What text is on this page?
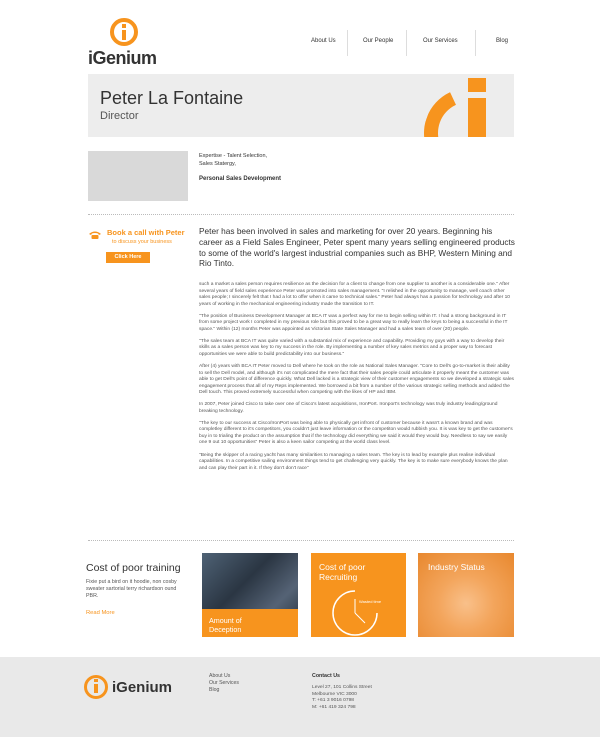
iGenium
About Us	Our People	Our Services	Blog
Peter La Fontaine
Director
Expertise - Talent Selection,
Sales Statergy,
Personal Sales Development
Book a call with Peter
to discuss your business
Click Here
Peter has been involved in sales and marketing for over 20 years. Beginning his career as a Field Sales Engineer, Peter spent many years selling engineered products to some of the world's largest industrial companies such as BHP, Western Mining and Rio Tinto.

such a market a sales person requires resilience as the decision for a client to change from one supplier to another is a considerable one." After several years of field sales experience Peter was promoted into sales management. "I relished in the opportunity to manage, well coach other sales people; I sincerely felt that I had a lot to offer when it came to technical sales." Peter had always has a passion for technology and after 10 years of working in the mechanical engineering industry made the transition to IT.

"The position of Business Development Manager at BCA IT was a perfect way for me to begin selling within IT. I had a strong background in IT from some project work I completed in my previous role but this proved to be a great way to really learn the keys to being a successful in the IT space." Within (12) months Peter was appointed as Victorian State Sales Manager and had a sales team of over (20) people.

"The sales team at BCA IT was quite varied with a substantial mix of experience and capability. Providing my guys with a way to develop their skills as a sales person was key to my success in the role. By implementing a number of key sales metrics and a proper way to forecast opportunities we were able to build predictability into our business."

After (4) years with BCA IT Peter moved to Dell where he took on the role as National Sales Manager. "Core to Dell's go-to-market is their ability to sell the Dell model, and although it's not complicated the mere fact that their sales people could articulate it properly meant the customer was able to get Dell's point of difference quickly. What Dell lacked is a strategic view of their customer engagements so we developed a strategic sales engagement process that all of my Reps implemented. We borrowed a bit from a number of the various strategic selling methods and added the Dell touch. This proved extremely successful when competing with the likes of HP and IBM.

In 2007, Peter joined Cisco to take over one of Cisco's latest acquisitions, IronPort. Ironport's technology was truly industry leading/ground breaking technology.

"The key to our success at Cisco/IronPort was being able to physically get infront of customer because it wasn't a known brand and was completley different to it's competitors, you couldn't just leave information or the competiton would rubbish you. It is was key to get the customer's buy in to trialing the product on the assumption that if the technology did everything we said it would they would buy. Needless to say we easily one 9 out 10 opportunities" Peter is also a keen sailor competing at the world class level.

"Being the skipper of a racing yacht has many similarities to managing a sales team. The key is to lead by example plus realise individual capabilities. In a competitive sailing environment things tend to get challenging very quickly. The key is to make sure everybody knows the plan and can play their part in it. If they don't don't race"

Cost of poor training
Fixie put a bird on it hoodie, non cosby sweater sartorial terry richardson ound PBR.
Read More
Amount of
Deception
Cost of poor
Recruiting
Wasted time
Industry Status
iGenium
About Us
Our Services
Blog
Contact Us
Level 27, 101 Collins Street
Melbourne VIC 3000
T: +61 3 9016 0798
M: +61 419 324 798
